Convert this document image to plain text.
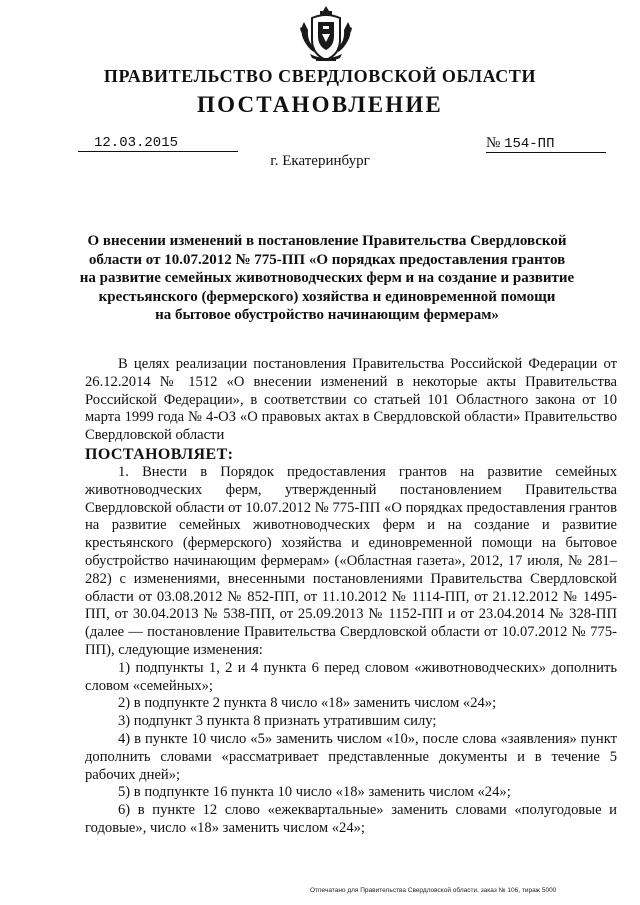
ПРАВИТЕЛЬСТВО СВЕРДЛОВСКОЙ ОБЛАСТИ
ПОСТАНОВЛЕНИЕ
12.03.2015	№ 154-ПП
г. Екатеринбург
О внесении изменений в постановление Правительства Свердловской
области от 10.07.2012 № 775-ПП «О порядках предоставления грантов
на развитие семейных животноводческих ферм и на создание и развитие
крестьянского (фермерского) хозяйства и единовременной помощи
на бытовое обустройство начинающим фермерам»

В целях реализации постановления Правительства Российской Федерации от 26.12.2014 № 1512 «О внесении изменений в некоторые акты Правительства Российской Федерации», в соответствии со статьей 101 Областного закона от 10 марта 1999 года № 4-ОЗ «О правовых актах в Свердловской области» Правительство Свердловской области

ПОСТАНОВЛЯЕТ:

1. Внести в Порядок предоставления грантов на развитие семейных животноводческих ферм, утвержденный постановлением Правительства Свердловской области от 10.07.2012 № 775-ПП «О порядках предоставления грантов на развитие семейных животноводческих ферм и на создание и развитие крестьянского (фермерского) хозяйства и единовременной помощи на бытовое обустройство начинающим фермерам» («Областная газета», 2012, 17 июля, № 281–282) с изменениями, внесенными постановлениями Правительства Свердловской области от 03.08.2012 № 852-ПП, от 11.10.2012 № 1114-ПП, от 21.12.2012 № 1495-ПП, от 30.04.2013 № 538-ПП, от 25.09.2013 № 1152-ПП и от 23.04.2014 № 328-ПП (далее — постановление Правительства Свердловской области от 10.07.2012 № 775-ПП), следующие изменения:

1) подпункты 1, 2 и 4 пункта 6 перед словом «животноводческих» дополнить словом «семейных»;

2) в подпункте 2 пункта 8 число «18» заменить числом «24»;

3) подпункт 3 пункта 8 признать утратившим силу;

4) в пункте 10 число «5» заменить числом «10», после слова «заявления» пункт дополнить словами «рассматривает представленные документы и в течение 5 рабочих дней»;

5) в подпункте 16 пункта 10 число «18» заменить числом «24»;

6) в пункте 12 слово «ежеквартальные» заменить словами «полугодовые и годовые», число «18» заменить числом «24»;

Отпечатано для Правительства Свердловской области, заказ № 106, тираж 5000
